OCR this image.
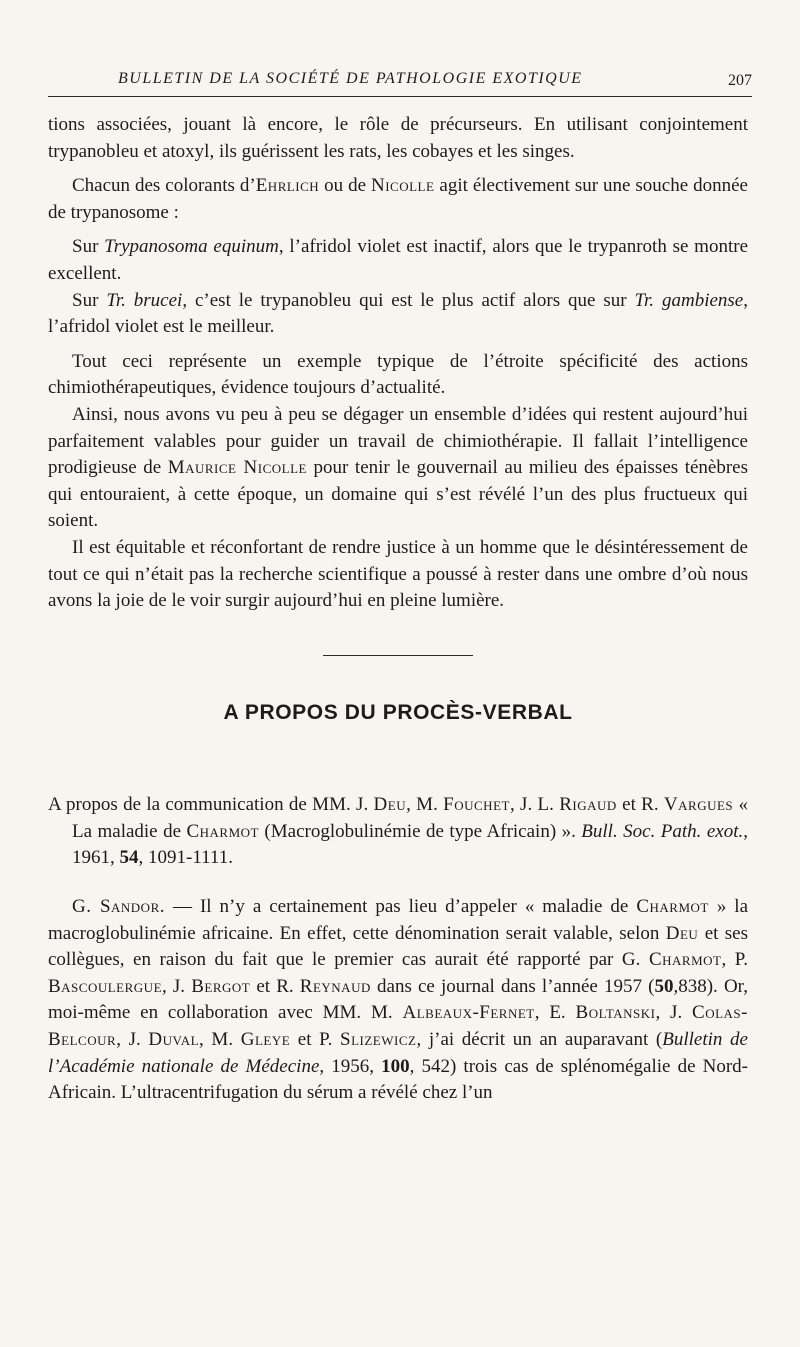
BULLETIN DE LA SOCIÉTÉ DE PATHOLOGIE EXOTIQUE	207

tions associées, jouant là encore, le rôle de précurseurs. En utilisant conjointement trypanobleu et atoxyl, ils guérissent les rats, les cobayes et les singes.

Chacun des colorants d’Ehrlich ou de Nicolle agit électivement sur une souche donnée de trypanosome :

Sur Trypanosoma equinum, l’afridol violet est inactif, alors que le trypanroth se montre excellent.

Sur Tr. brucei, c’est le trypanobleu qui est le plus actif alors que sur Tr. gambiense, l’afridol violet est le meilleur.

Tout ceci représente un exemple typique de l’étroite spécificité des actions chimiothérapeutiques, évidence toujours d’actualité.

Ainsi, nous avons vu peu à peu se dégager un ensemble d’idées qui restent aujourd’hui parfaitement valables pour guider un travail de chimiothérapie. Il fallait l’intelligence prodigieuse de Maurice Nicolle pour tenir le gouvernail au milieu des épaisses ténèbres qui entouraient, à cette époque, un domaine qui s’est révélé l’un des plus fructueux qui soient.

Il est équitable et réconfortant de rendre justice à un homme que le désintéressement de tout ce qui n’était pas la recherche scientifique a poussé à rester dans une ombre d’où nous avons la joie de le voir surgir aujourd’hui en pleine lumière.

A PROPOS DU PROCÈS-VERBAL

A propos de la communication de MM. J. Deu, M. Fouchet, J. L. Rigaud et R. Vargues « La maladie de Charmot (Macroglobulinémie de type Africain) ». Bull. Soc. Path. exot., 1961, 54, 1091-1111.

G. Sandor. — Il n’y a certainement pas lieu d’appeler « maladie de Charmot » la macroglobulinémie africaine. En effet, cette dénomination serait valable, selon Deu et ses collègues, en raison du fait que le premier cas aurait été rapporté par G. Charmot, P. Bascoulergue, J. Bergot et R. Reynaud dans ce journal dans l’année 1957 (50,838). Or, moi-même en collaboration avec MM. M. Albeaux-Fernet, E. Boltanski, J. Colas-Belcour, J. Duval, M. Gleye et P. Slizewicz, j’ai décrit un an auparavant (Bulletin de l’Académie nationale de Médecine, 1956, 100, 542) trois cas de splénomégalie de Nord-Africain. L’ultracentrifugation du sérum a révélé chez l’un
